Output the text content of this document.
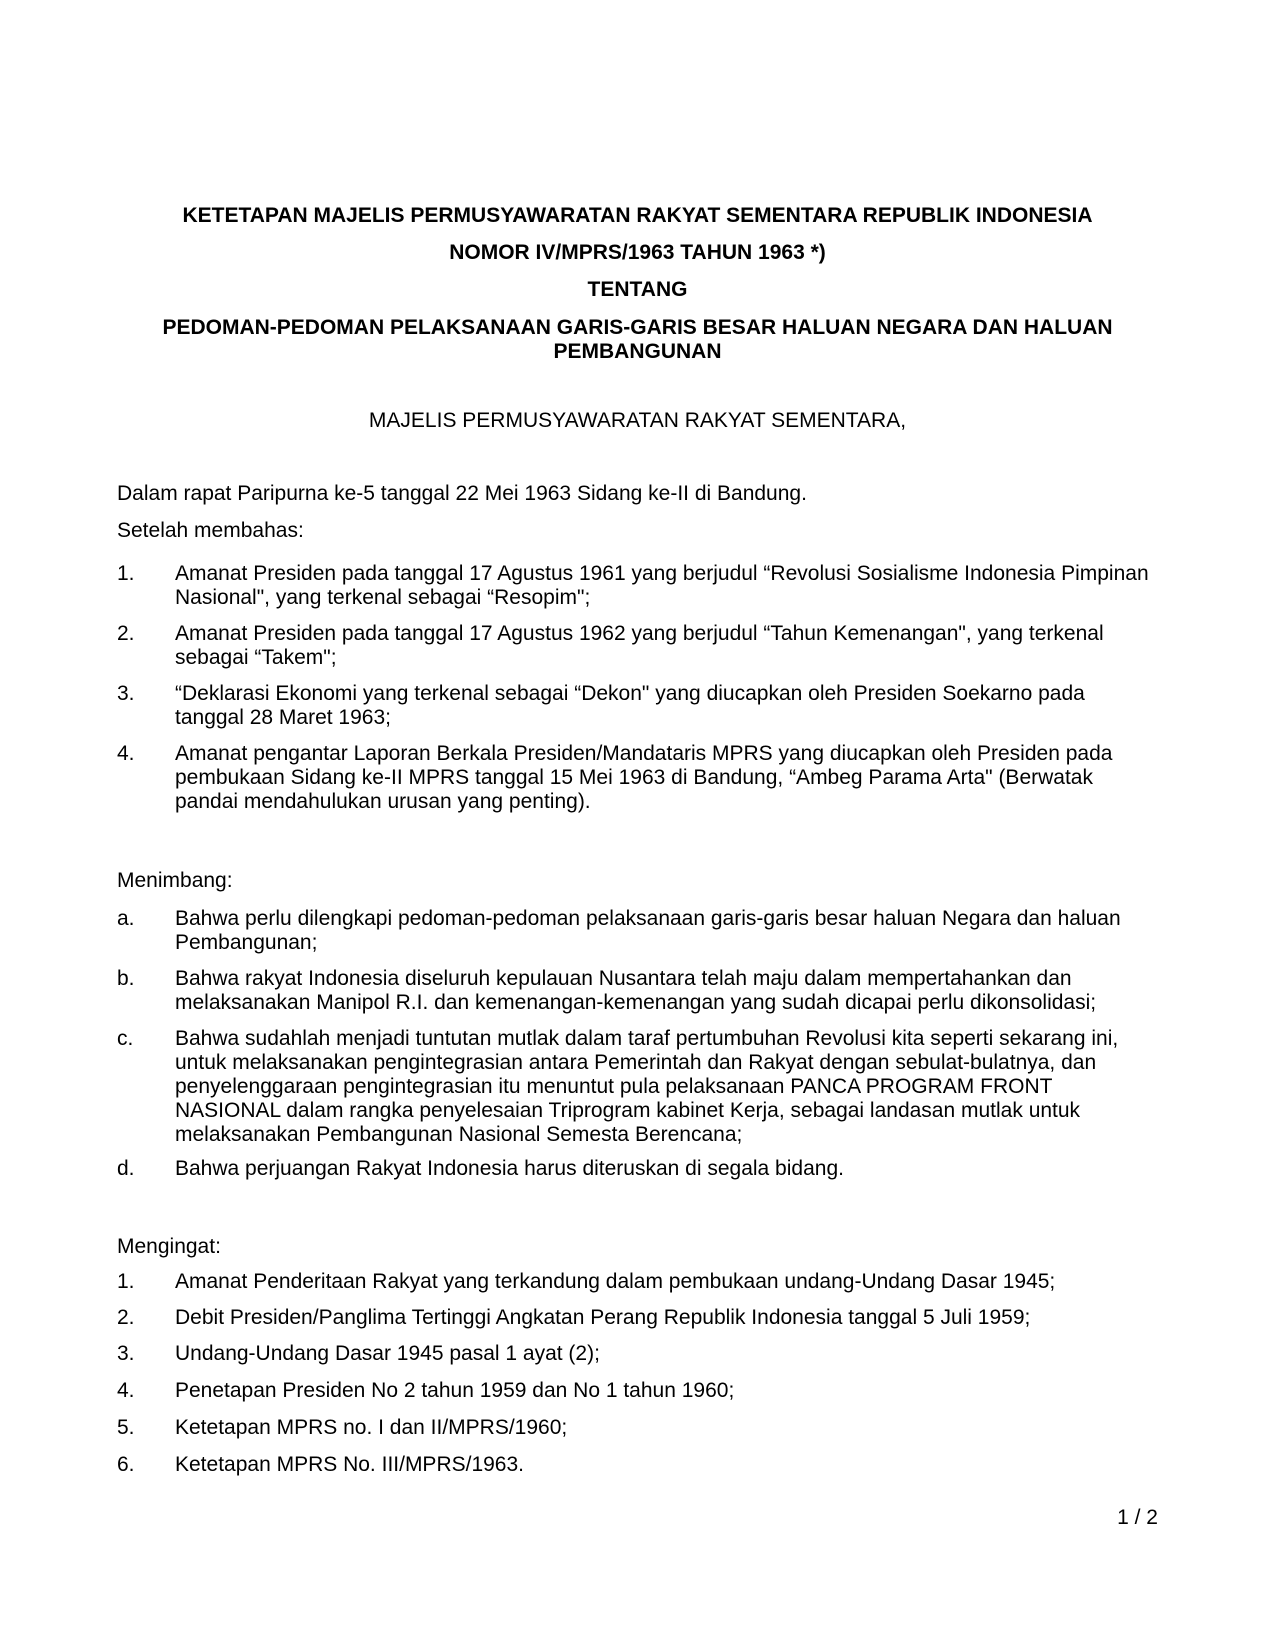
KETETAPAN MAJELIS PERMUSYAWARATAN RAKYAT SEMENTARA REPUBLIK INDONESIA

NOMOR IV/MPRS/1963 TAHUN 1963 *)

TENTANG

PEDOMAN-PEDOMAN PELAKSANAAN GARIS-GARIS BESAR HALUAN NEGARA DAN HALUAN PEMBANGUNAN

MAJELIS PERMUSYAWARATAN RAKYAT SEMENTARA,

Dalam rapat Paripurna ke-5 tanggal 22 Mei 1963 Sidang ke-II di Bandung.

Setelah membahas:

1.	Amanat Presiden pada tanggal 17 Agustus 1961 yang berjudul “Revolusi Sosialisme Indonesia Pimpinan Nasional", yang terkenal sebagai “Resopim";
2.	Amanat Presiden pada tanggal 17 Agustus 1962 yang berjudul “Tahun Kemenangan", yang terkenal sebagai “Takem";
3.	“Deklarasi Ekonomi yang terkenal sebagai “Dekon" yang diucapkan oleh Presiden Soekarno pada tanggal 28 Maret 1963;
4.	Amanat pengantar Laporan Berkala Presiden/Mandataris MPRS yang diucapkan oleh Presiden pada pembukaan Sidang ke-II MPRS tanggal 15 Mei 1963 di Bandung, “Ambeg Parama Arta" (Berwatak pandai mendahulukan urusan yang penting).

Menimbang:

a.	Bahwa perlu dilengkapi pedoman-pedoman pelaksanaan garis-garis besar haluan Negara dan haluan Pembangunan;
b.	Bahwa rakyat Indonesia diseluruh kepulauan Nusantara telah maju dalam mempertahankan dan melaksanakan Manipol R.I. dan kemenangan-kemenangan yang sudah dicapai perlu dikonsolidasi;
c.	Bahwa sudahlah menjadi tuntutan mutlak dalam taraf pertumbuhan Revolusi kita seperti sekarang ini, untuk melaksanakan pengintegrasian antara Pemerintah dan Rakyat dengan sebulat-bulatnya, dan penyelenggaraan pengintegrasian itu menuntut pula pelaksanaan PANCA PROGRAM FRONT NASIONAL dalam rangka penyelesaian Triprogram kabinet Kerja, sebagai landasan mutlak untuk melaksanakan Pembangunan Nasional Semesta Berencana;
d.	Bahwa perjuangan Rakyat Indonesia harus diteruskan di segala bidang.

Mengingat:

1.	Amanat Penderitaan Rakyat yang terkandung dalam pembukaan undang-Undang Dasar 1945;
2.	Debit Presiden/Panglima Tertinggi Angkatan Perang Republik Indonesia tanggal 5 Juli 1959;
3.	Undang-Undang Dasar 1945 pasal 1 ayat (2);
4.	Penetapan Presiden No 2 tahun 1959 dan No 1 tahun 1960;
5.	Ketetapan MPRS no. I dan II/MPRS/1960;
6.	Ketetapan MPRS No. III/MPRS/1963.

1 / 2
